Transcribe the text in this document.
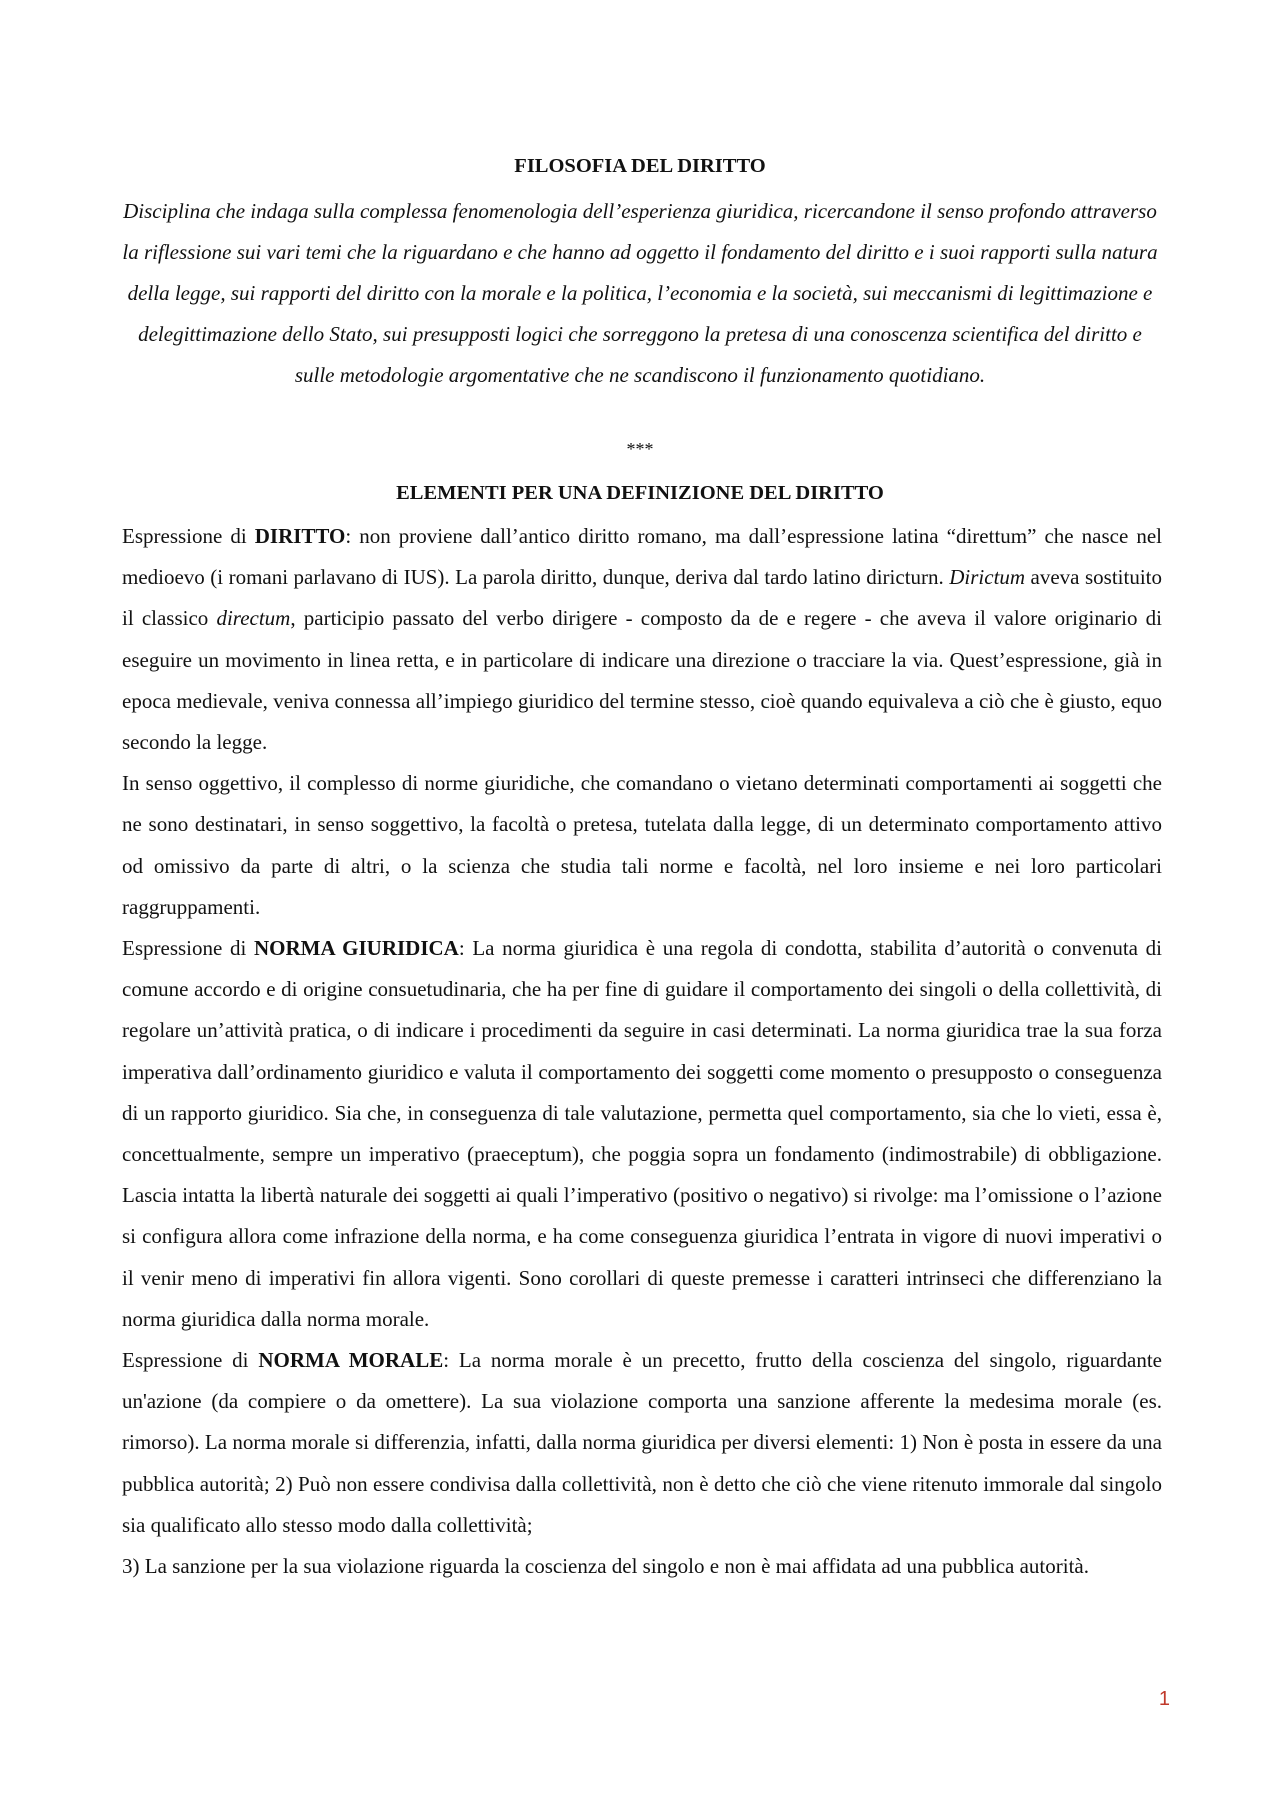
FILOSOFIA DEL DIRITTO

Disciplina che indaga sulla complessa fenomenologia dell’esperienza giuridica, ricercandone il senso profondo attraverso la riflessione sui vari temi che la riguardano e che hanno ad oggetto il fondamento del diritto e i suoi rapporti sulla natura della legge, sui rapporti del diritto con la morale e la politica, l’economia e la società, sui meccanismi di legittimazione e delegittimazione dello Stato, sui presupposti logici che sorreggono la pretesa di una conoscenza scientifica del diritto e sulle metodologie argomentative che ne scandiscono il funzionamento quotidiano.

***
ELEMENTI PER UNA DEFINIZIONE DEL DIRITTO

Espressione di DIRITTO: non proviene dall’antico diritto romano, ma dall’espressione latina “direttum” che nasce nel medioevo (i romani parlavano di IUS). La parola diritto, dunque, deriva dal tardo latino diricturn. Dirictum aveva sostituito il classico directum, participio passato del verbo dirigere - composto da de e regere - che aveva il valore originario di eseguire un movimento in linea retta, e in particolare di indicare una direzione o tracciare la via. Quest’espressione, già in epoca medievale, veniva connessa all’impiego giuridico del termine stesso, cioè quando equivaleva a ciò che è giusto, equo secondo la legge.

In senso oggettivo, il complesso di norme giuridiche, che comandano o vietano determinati comportamenti ai soggetti che ne sono destinatari, in senso soggettivo, la facoltà o pretesa, tutelata dalla legge, di un determinato comportamento attivo od omissivo da parte di altri, o la scienza che studia tali norme e facoltà, nel loro insieme e nei loro particolari raggruppamenti.

Espressione di NORMA GIURIDICA: La norma giuridica è una regola di condotta, stabilita d’autorità o convenuta di comune accordo e di origine consuetudinaria, che ha per fine di guidare il comportamento dei singoli o della collettività, di regolare un’attività pratica, o di indicare i procedimenti da seguire in casi determinati. La norma giuridica trae la sua forza imperativa dall’ordinamento giuridico e valuta il comportamento dei soggetti come momento o presupposto o conseguenza di un rapporto giuridico. Sia che, in conseguenza di tale valutazione, permetta quel comportamento, sia che lo vieti, essa è, concettualmente, sempre un imperativo (praeceptum), che poggia sopra un fondamento (indimostrabile) di obbligazione. Lascia intatta la libertà naturale dei soggetti ai quali l’imperativo (positivo o negativo) si rivolge: ma l’omissione o l’azione si configura allora come infrazione della norma, e ha come conseguenza giuridica l’entrata in vigore di nuovi imperativi o il venir meno di imperativi fin allora vigenti. Sono corollari di queste premesse i caratteri intrinseci che differenziano la norma giuridica dalla norma morale.

Espressione di NORMA MORALE: La norma morale è un precetto, frutto della coscienza del singolo, riguardante un'azione (da compiere o da omettere). La sua violazione comporta una sanzione afferente la medesima morale (es. rimorso). La norma morale si differenzia, infatti, dalla norma giuridica per diversi elementi: 1) Non è posta in essere da una pubblica autorità; 2) Può non essere condivisa dalla collettività, non è detto che ciò che viene ritenuto immorale dal singolo sia qualificato allo stesso modo dalla collettività;

3) La sanzione per la sua violazione riguarda la coscienza del singolo e non è mai affidata ad una pubblica autorità.

1
